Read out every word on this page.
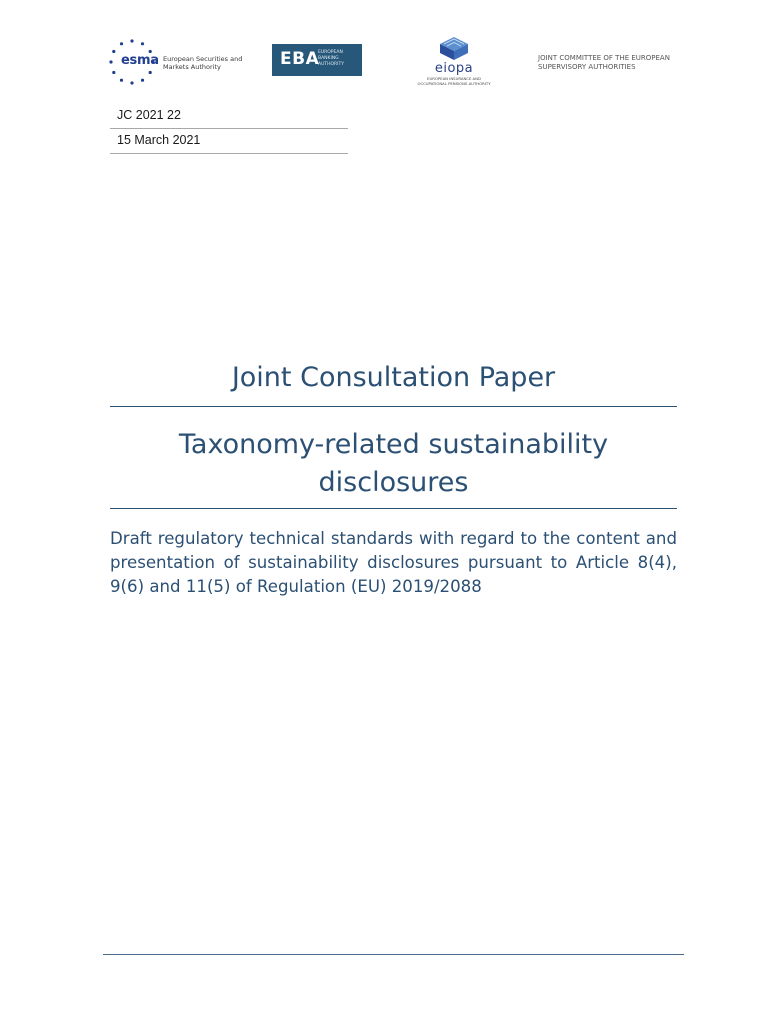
esma European Securities and Markets Authority	EBA
EUROPEAN BANKING AUTHORITY	eiopa
EUROPEAN INSURANCE AND OCCUPATIONAL PENSIONS AUTHORITY
JOINT COMMITTEE OF THE EUROPEAN SUPERVISORY AUTHORITIES
JC 2021 22
15 March 2021
Joint Consultation Paper
Taxonomy-related sustainability disclosures
Draft regulatory technical standards with regard to the content and presentation of sustainability disclosures pursuant to Article 8(4), 9(6) and 11(5) of Regulation (EU) 2019/2088
